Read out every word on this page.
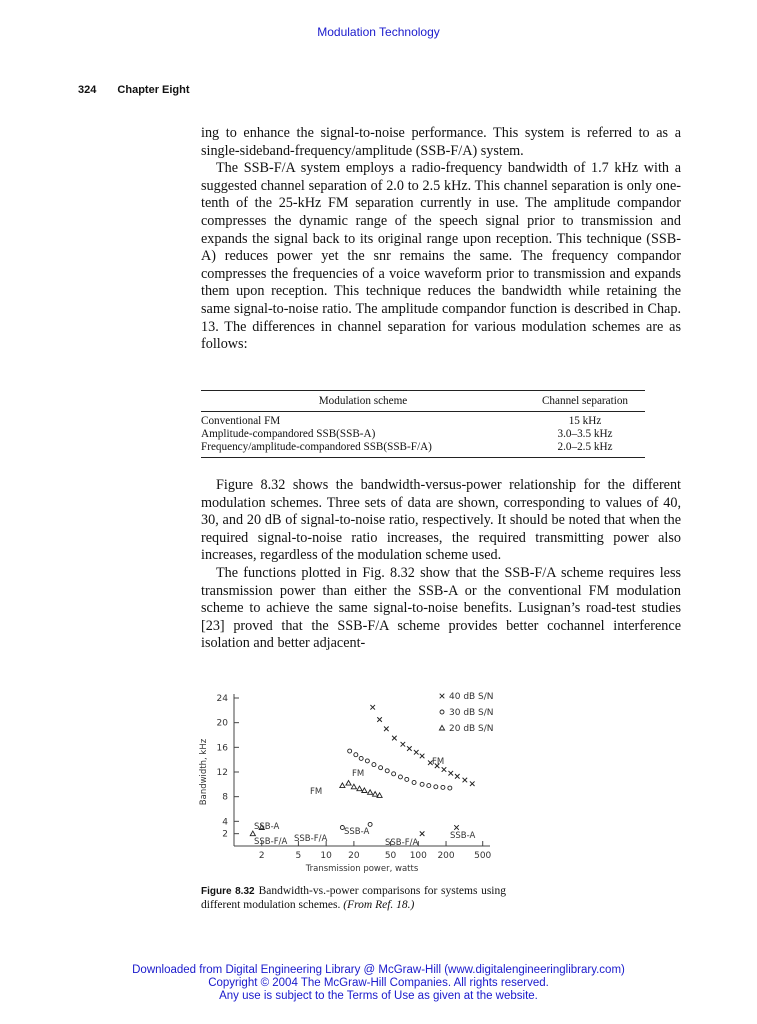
Modulation Technology
324 Chapter Eight

ing to enhance the signal-to-noise performance. This system is referred to as a single-sideband-frequency/amplitude (SSB-F/A) system.

The SSB-F/A system employs a radio-frequency bandwidth of 1.7 kHz with a suggested channel separation of 2.0 to 2.5 kHz. This channel separation is only one-tenth of the 25-kHz FM separation currently in use. The amplitude compandor compresses the dynamic range of the speech signal prior to transmission and expands the signal back to its original range upon reception. This technique (SSB-A) reduces power yet the snr remains the same. The frequency compandor compresses the frequencies of a voice waveform prior to transmission and expands them upon reception. This technique reduces the bandwidth while retaining the same signal-to-noise ratio. The amplitude compandor function is described in Chap. 13. The differences in channel separation for various modulation schemes are as follows:

Modulation scheme	Channel separation
Conventional FM	15 kHz
Amplitude-compandored SSB(SSB-A)	3.0–3.5 kHz
Frequency/amplitude-compandored SSB(SSB-F/A)	2.0–2.5 kHz

Figure 8.32 shows the bandwidth-versus-power relationship for the different modulation schemes. Three sets of data are shown, corresponding to values of 40, 30, and 20 dB of signal-to-noise ratio, respectively. It should be noted that when the required signal-to-noise ratio increases, the required transmitting power also increases, regardless of the modulation scheme used.

The functions plotted in Fig. 8.32 show that the SSB-F/A scheme requires less transmission power than either the SSB-A or the conventional FM modulation scheme to achieve the same signal-to-noise benefits. Lusignan’s road-test studies [23] proved that the SSB-F/A scheme provides better cochannel interference isolation and better adjacent-

2
4
8
12
16
20
24
2	5 10 20	50 100 200 500
Transmission power, watts
Bandwidth, kHz
40 dB S/N
30 dB S/N
20 dB S/N
SSB-A
SSB-F/A SSB-F/A
SSB-A
SSB-F/A
SSB-A
FM
FM
FM
Figure 8.32 Bandwidth-vs.-power comparisons for systems using different modulation schemes. (From Ref. 18.)
Downloaded from Digital Engineering Library @ McGraw-Hill (www.digitalengineeringlibrary.com)
Copyright © 2004 The McGraw-Hill Companies. All rights reserved.
Any use is subject to the Terms of Use as given at the website.
